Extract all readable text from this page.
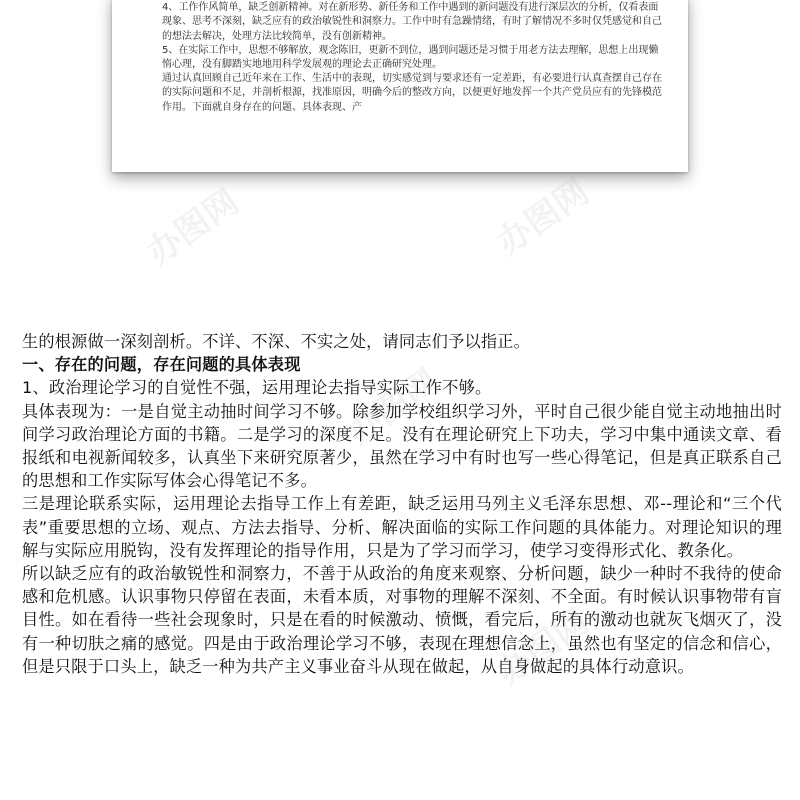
4、工作作风简单，缺乏创新精神。对在新形势、新任务和工作中遇到的新问题没有进行深层次的分析，仅看表面现象、思考不深刻，缺乏应有的政治敏锐性和洞察力。工作中时有急躁情绪，有时了解情况不多时仅凭感觉和自己的想法去解决，处理方法比较简单，没有创新精神。

5、在实际工作中，思想不够解放，观念陈旧，更新不到位，遇到问题还是习惯于用老方法去理解，思想上出现懒惰心理，没有脚踏实地地用科学发展观的理论去正确研究处理。

通过认真回顾自己近年来在工作、生活中的表现，切实感觉到与要求还有一定差距，有必要进行认真查摆自己存在的实际问题和不足，并剖析根源，找准原因，明确今后的整改方向，以便更好地发挥一个共产党员应有的先锋模范作用。下面就自身存在的问题、具体表现、产

办图网	办图网
办图网
办图网

生的根源做一深刻剖析。不详、不深、不实之处，请同志们予以指正。

一、存在的问题，存在问题的具体表现

1、政治理论学习的自觉性不强，运用理论去指导实际工作不够。

具体表现为：一是自觉主动抽时间学习不够。除参加学校组织学习外，平时自己很少能自觉主动地抽出时间学习政治理论方面的书籍。二是学习的深度不足。没有在理论研究上下功夫，学习中集中通读文章、看报纸和电视新闻较多，认真坐下来研究原著少，虽然在学习中有时也写一些心得笔记，但是真正联系自己的思想和工作实际写体会心得笔记不多。

三是理论联系实际，运用理论去指导工作上有差距，缺乏运用马列主义毛泽东思想、邓--理论和“三个代表”重要思想的立场、观点、方法去指导、分析、解决面临的实际工作问题的具体能力。对理论知识的理解与实际应用脱钩，没有发挥理论的指导作用，只是为了学习而学习，使学习变得形式化、教条化。

所以缺乏应有的政治敏锐性和洞察力，不善于从政治的角度来观察、分析问题，缺少一种时不我待的使命感和危机感。认识事物只停留在表面，未看本质，对事物的理解不深刻、不全面。有时候认识事物带有盲目性。如在看待一些社会现象时，只是在看的时候激动、愤慨，看完后，所有的激动也就灰飞烟灭了，没有一种切肤之痛的感觉。四是由于政治理论学习不够，表现在理想信念上，虽然也有坚定的信念和信心，但是只限于口头上，缺乏一种为共产主义事业奋斗从现在做起，从自身做起的具体行动意识。
